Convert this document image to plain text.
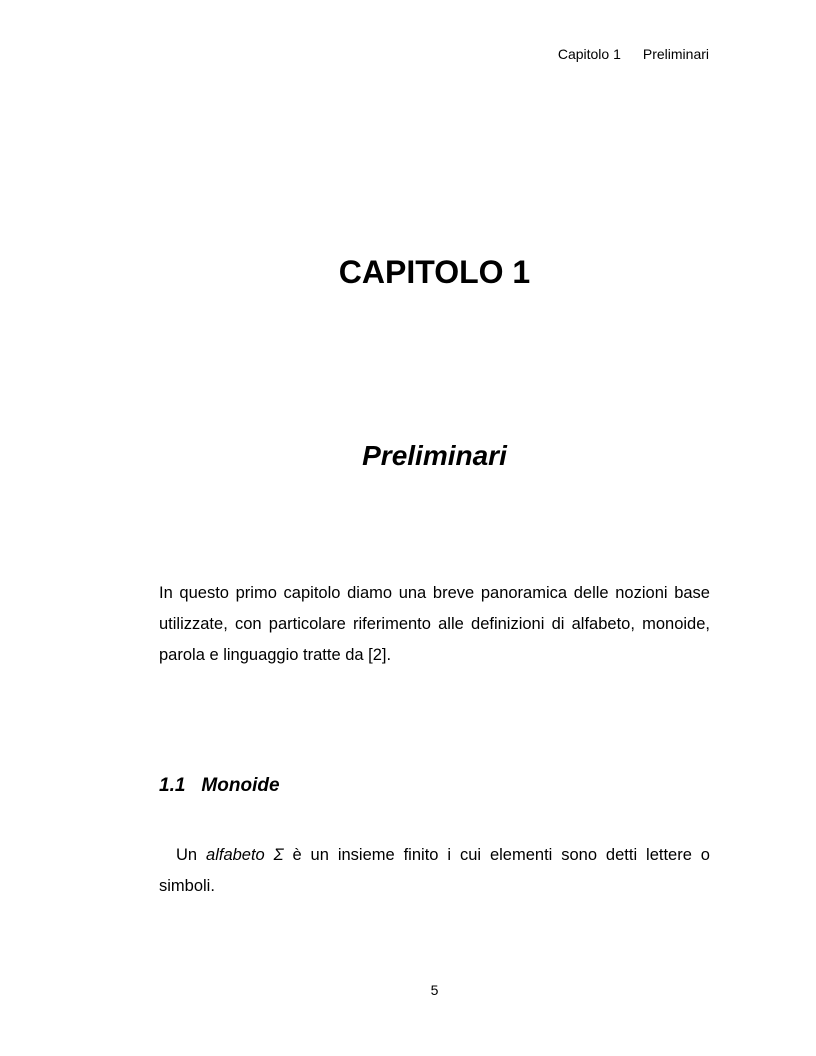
Capitolo 1 Preliminari
CAPITOLO 1
Preliminari

In questo primo capitolo diamo una breve panoramica delle nozioni base utilizzate, con particolare riferimento alle definizioni di alfabeto, monoide, parola e linguaggio tratte da [2].

1.1 Monoide

Un alfabeto Σ è un insieme finito i cui elementi sono detti lettere o simboli.

5
